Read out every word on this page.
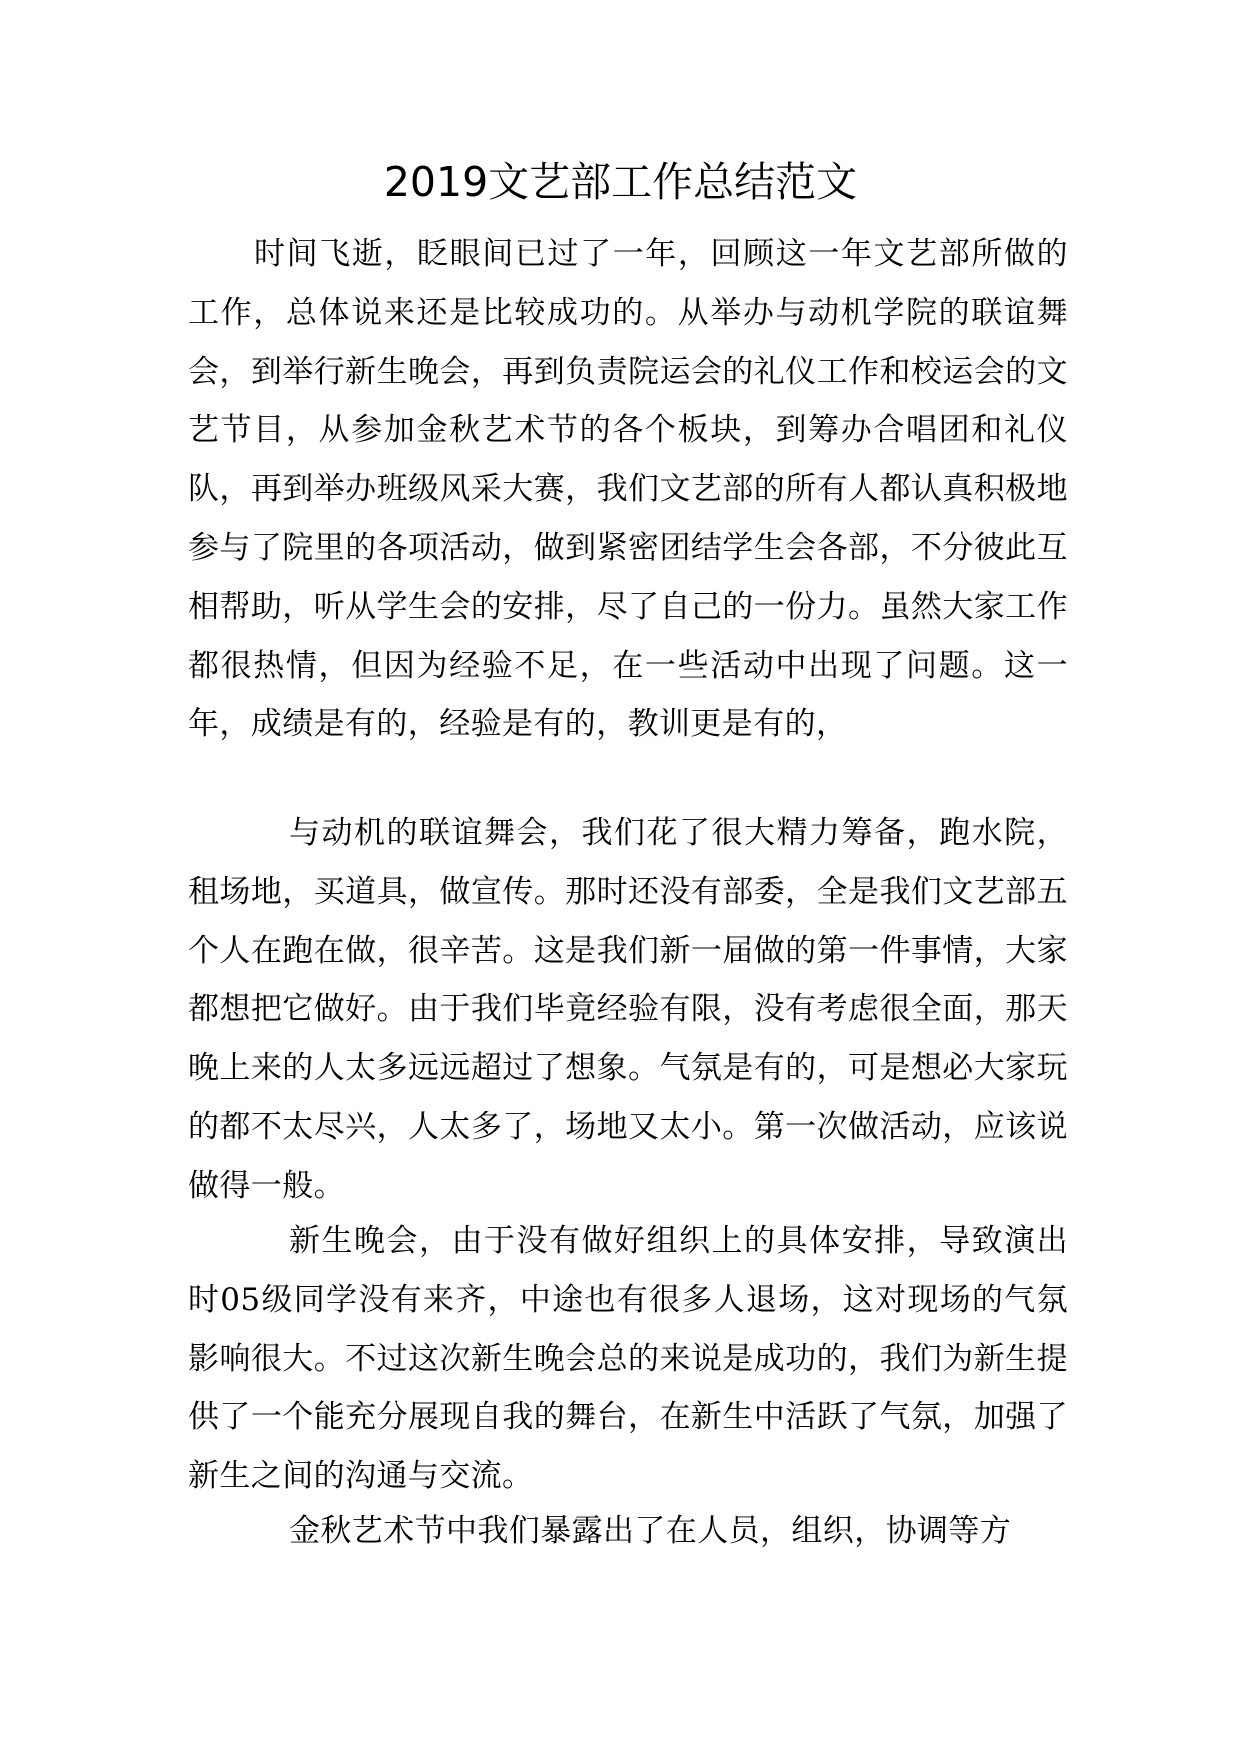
2019文艺部工作总结范文

时间飞逝，眨眼间已过了一年，回顾这一年文艺部所做的工作，总体说来还是比较成功的。从举办与动机学院的联谊舞会，到举行新生晚会，再到负责院运会的礼仪工作和校运会的文艺节目，从参加金秋艺术节的各个板块，到筹办合唱团和礼仪队，再到举办班级风采大赛，我们文艺部的所有人都认真积极地参与了院里的各项活动，做到紧密团结学生会各部，不分彼此互相帮助，听从学生会的安排，尽了自己的一份力。虽然大家工作都很热情，但因为经验不足，在一些活动中出现了问题。这一年，成绩是有的，经验是有的，教训更是有的，

与动机的联谊舞会，我们花了很大精力筹备，跑水院，租场地，买道具，做宣传。那时还没有部委，全是我们文艺部五个人在跑在做，很辛苦。这是我们新一届做的第一件事情，大家都想把它做好。由于我们毕竟经验有限，没有考虑很全面，那天晚上来的人太多远远超过了想象。气氛是有的，可是想必大家玩的都不太尽兴，人太多了，场地又太小。第一次做活动，应该说做得一般。

新生晚会，由于没有做好组织上的具体安排，导致演出时05级同学没有来齐，中途也有很多人退场，这对现场的气氛影响很大。不过这次新生晚会总的来说是成功的，我们为新生提供了一个能充分展现自我的舞台，在新生中活跃了气氛，加强了新生之间的沟通与交流。

金秋艺术节中我们暴露出了在人员，组织，协调等方
